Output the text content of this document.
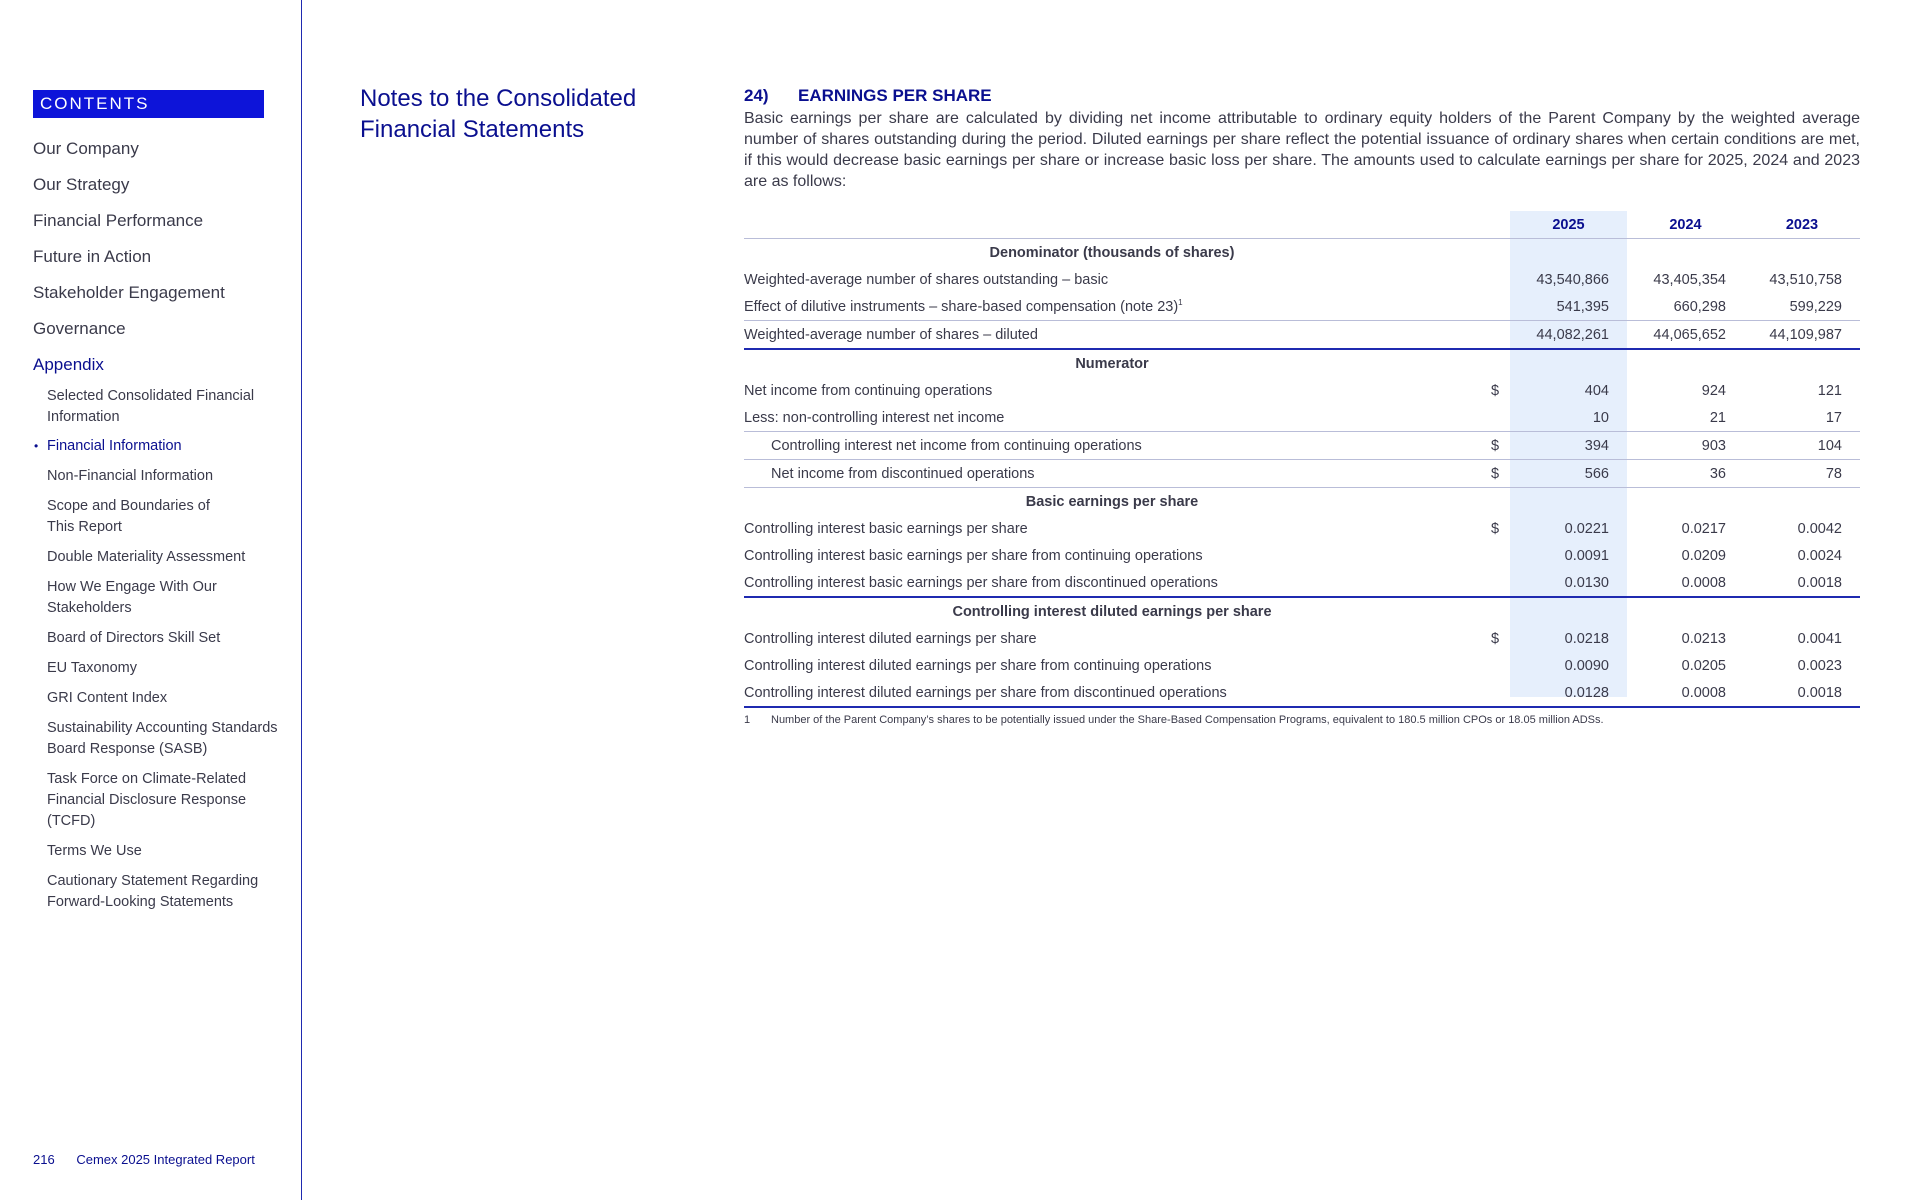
CONTENTS
Our Company
Our Strategy
Financial Performance
Future in Action
Stakeholder Engagement
Governance
Appendix
Selected Consolidated Financial Information
• Financial Information
Non-Financial Information
Scope and Boundaries of This Report
Double Materiality Assessment
How We Engage With Our Stakeholders
Board of Directors Skill Set
EU Taxonomy
GRI Content Index
Sustainability Accounting Standards Board Response (SASB)
Task Force on Climate-Related Financial Disclosure Response (TCFD)
Terms We Use
Cautionary Statement Regarding Forward-Looking Statements
216 Cemex 2025 Integrated Report
Notes to the Consolidated Financial Statements
24) EARNINGS PER SHARE
Basic earnings per share are calculated by dividing net income attributable to ordinary equity holders of the Parent Company by the weighted average number of shares outstanding during the period. Diluted earnings per share reflect the potential issuance of ordinary shares when certain conditions are met, if this would decrease basic earnings per share or increase basic loss per share. The amounts used to calculate earnings per share for 2025, 2024 and 2023 are as follows:
		2025	2024	2023
Denominator (thousands of shares)				
Weighted-average number of shares outstanding – basic		43,540,866	43,405,354	43,510,758
Effect of dilutive instruments – share-based compensation (note 23)$^1$		541,395	660,298	599,229
Weighted-average number of shares – diluted		44,082,261	44,065,652	44,109,987
Numerator				
Net income from continuing operations	$	404	924	121
Less: non-controlling interest net income		10	21	17
Controlling interest net income from continuing operations	$	394	903	104
Net income from discontinued operations	$	566	36	78
Basic earnings per share				
Controlling interest basic earnings per share	$	0.0221	0.0217	0.0042
Controlling interest basic earnings per share from continuing operations		0.0091	0.0209	0.0024
Controlling interest basic earnings per share from discontinued operations		0.0130	0.0008	0.0018
Controlling interest diluted earnings per share				
Controlling interest diluted earnings per share	$	0.0218	0.0213	0.0041
Controlling interest diluted earnings per share from continuing operations		0.0090	0.0205	0.0023
Controlling interest diluted earnings per share from discontinued operations		0.0128	0.0008	0.0018
1 Number of the Parent Company’s shares to be potentially issued under the Share-Based Compensation Programs, equivalent to 180.5 million CPOs or 18.05 million ADSs.
